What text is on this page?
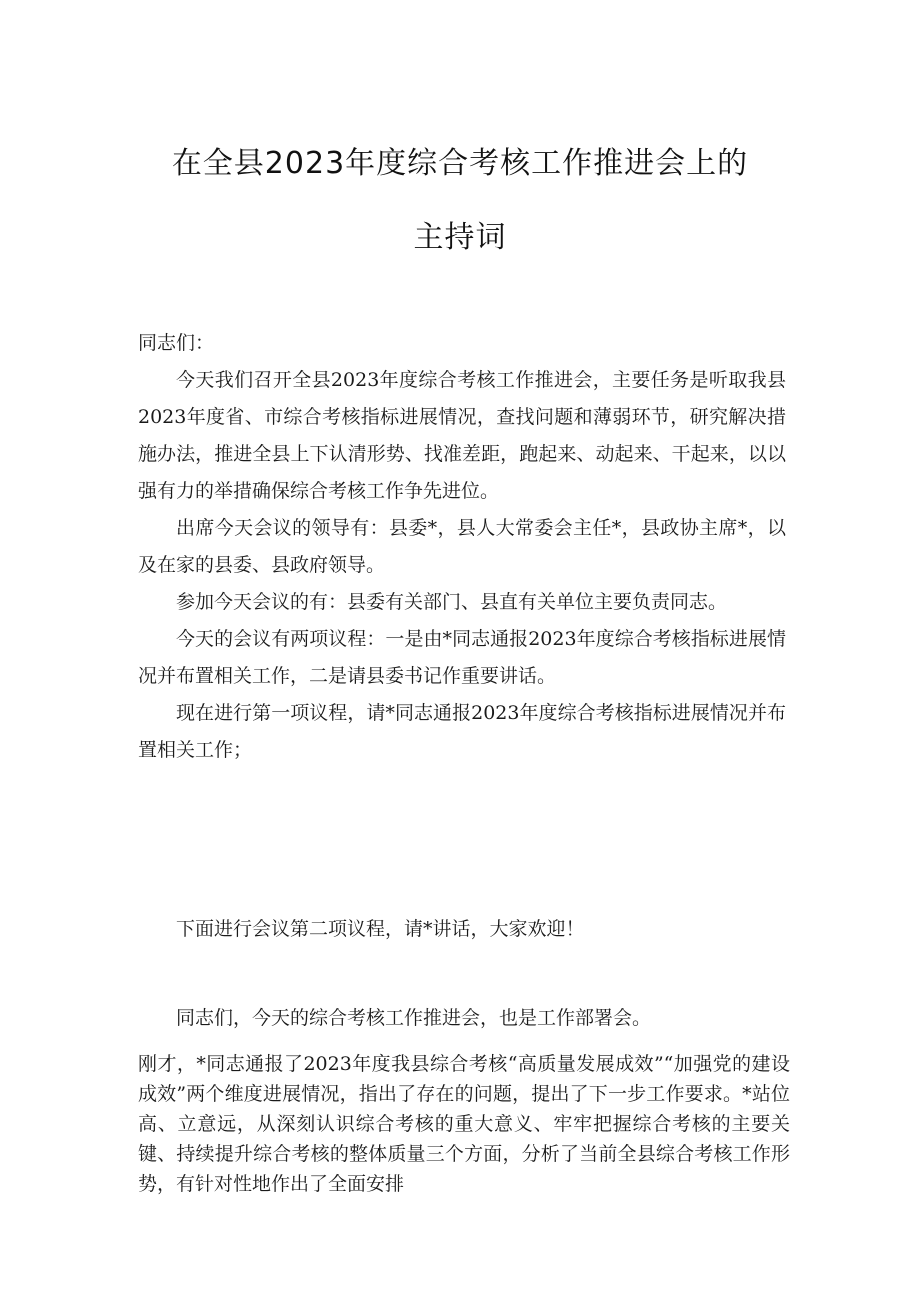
在全县2023年度综合考核工作推进会上的
主持词

同志们：

今天我们召开全县2023年度综合考核工作推进会，主要任务是听取我县2023年度省、市综合考核指标进展情况，查找问题和薄弱环节，研究解决措施办法，推进全县上下认清形势、找准差距，跑起来、动起来、干起来，以以强有力的举措确保综合考核工作争先进位。

出席今天会议的领导有：县委*，县人大常委会主任*，县政协主席*，以及在家的县委、县政府领导。

参加今天会议的有：县委有关部门、县直有关单位主要负责同志。

今天的会议有两项议程：一是由*同志通报2023年度综合考核指标进展情况并布置相关工作，二是请县委书记作重要讲话。

现在进行第一项议程，请*同志通报2023年度综合考核指标进展情况并布置相关工作；

下面进行会议第二项议程，请*讲话，大家欢迎！

同志们，今天的综合考核工作推进会，也是工作部署会。

刚才，*同志通报了2023年度我县综合考核“高质量发展成效”“加强党的建设成效”两个维度进展情况，指出了存在的问题，提出了下一步工作要求。*站位高、立意远，从深刻认识综合考核的重大意义、牢牢把握综合考核的主要关键、持续提升综合考核的整体质量三个方面，分析了当前全县综合考核工作形势，有针对性地作出了全面安排
